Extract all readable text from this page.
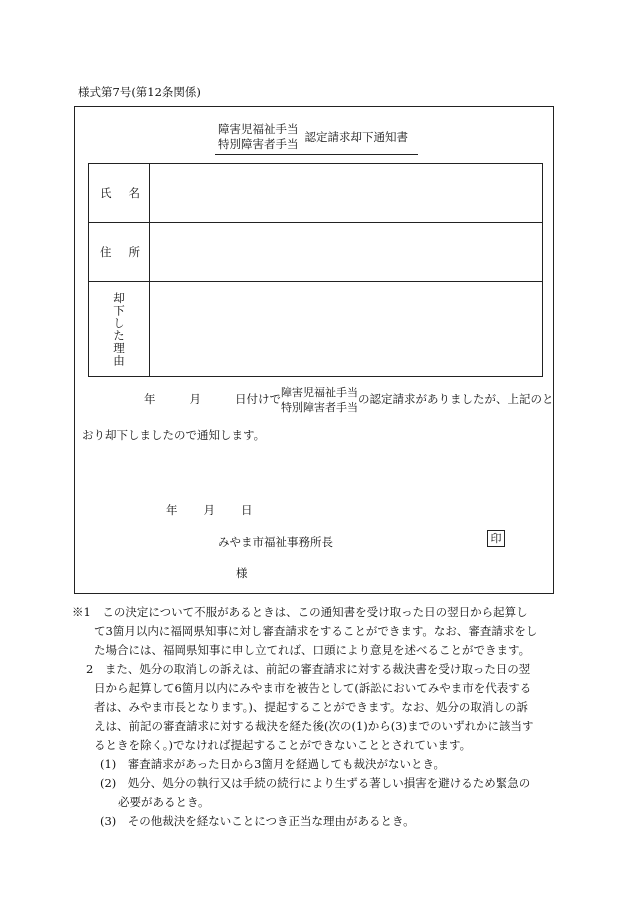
様式第7号(第12条関係)
障害児福祉手当
特別障害者手当 認定請求却下通知書
氏 名	

住 所	

却下した理由	

年	月	日付けで障害児福祉手当
特別障害者手当の認定請求がありましたが、上記のと
おり却下しましたので通知します。
年 月 日
みやま市福祉事務所長	印
様
※1　この決定について不服があるときは、この通知書を受け取った日の翌日から起算し
て3箇月以内に福岡県知事に対し審査請求をすることができます。なお、審査請求をし
た場合には、福岡県知事に申し立てれば、口頭により意見を述べることができます。
2　また、処分の取消しの訴えは、前記の審査請求に対する裁決書を受け取った日の翌
日から起算して6箇月以内にみやま市を被告として(訴訟においてみやま市を代表する
者は、みやま市長となります。)、提起することができます。なお、処分の取消しの訴
えは、前記の審査請求に対する裁決を経た後(次の(1)から(3)までのいずれかに該当す
るときを除く。)でなければ提起することができないこととされています。
(1)　審査請求があった日から3箇月を経過しても裁決がないとき。
(2)　処分、処分の執行又は手続の続行により生ずる著しい損害を避けるため緊急の
必要があるとき。
(3)　その他裁決を経ないことにつき正当な理由があるとき。
